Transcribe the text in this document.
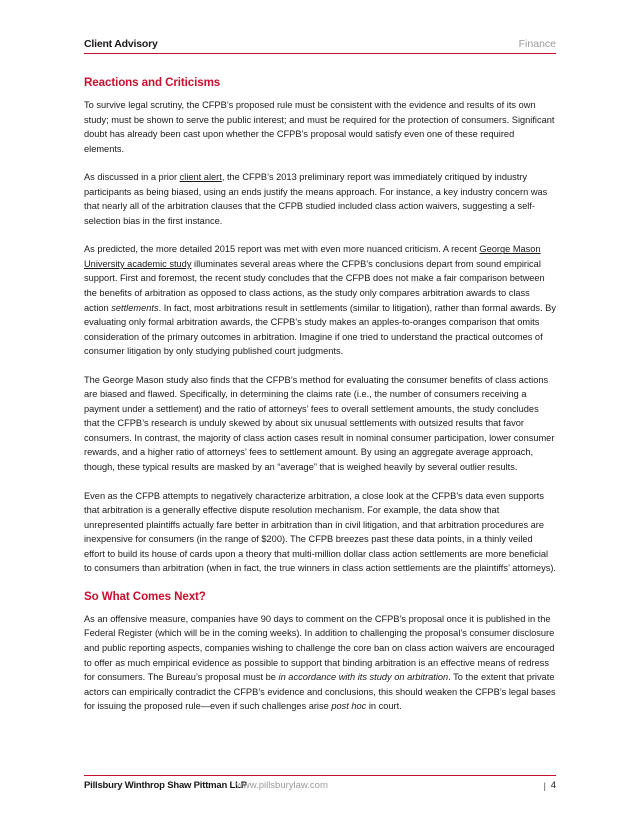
Client Advisory	Finance
Reactions and Criticisms

To survive legal scrutiny, the CFPB’s proposed rule must be consistent with the evidence and results of its own study; must be shown to serve the public interest; and must be required for the protection of consumers. Significant doubt has already been cast upon whether the CFPB’s proposal would satisfy even one of these required elements.

As discussed in a prior client alert, the CFPB’s 2013 preliminary report was immediately critiqued by industry participants as being biased, using an ends justify the means approach. For instance, a key industry concern was that nearly all of the arbitration clauses that the CFPB studied included class action waivers, suggesting a self-selection bias in the first instance.

As predicted, the more detailed 2015 report was met with even more nuanced criticism. A recent George Mason University academic study illuminates several areas where the CFPB’s conclusions depart from sound empirical support. First and foremost, the recent study concludes that the CFPB does not make a fair comparison between the benefits of arbitration as opposed to class actions, as the study only compares arbitration awards to class action settlements. In fact, most arbitrations result in settlements (similar to litigation), rather than formal awards. By evaluating only formal arbitration awards, the CFPB’s study makes an apples-to-oranges comparison that omits consideration of the primary outcomes in arbitration. Imagine if one tried to understand the practical outcomes of consumer litigation by only studying published court judgments.

The George Mason study also finds that the CFPB’s method for evaluating the consumer benefits of class actions are biased and flawed. Specifically, in determining the claims rate (i.e., the number of consumers receiving a payment under a settlement) and the ratio of attorneys’ fees to overall settlement amounts, the study concludes that the CFPB’s research is unduly skewed by about six unusual settlements with outsized results that favor consumers. In contrast, the majority of class action cases result in nominal consumer participation, lower consumer rewards, and a higher ratio of attorneys’ fees to settlement amount. By using an aggregate average approach, though, these typical results are masked by an “average” that is weighed heavily by several outlier results.

Even as the CFPB attempts to negatively characterize arbitration, a close look at the CFPB’s data even supports that arbitration is a generally effective dispute resolution mechanism. For example, the data show that unrepresented plaintiffs actually fare better in arbitration than in civil litigation, and that arbitration procedures are inexpensive for consumers (in the range of $200). The CFPB breezes past these data points, in a thinly veiled effort to build its house of cards upon a theory that multi-million dollar class action settlements are more beneficial to consumers than arbitration (when in fact, the true winners in class action settlements are the plaintiffs’ attorneys).

So What Comes Next?

As an offensive measure, companies have 90 days to comment on the CFPB’s proposal once it is published in the Federal Register (which will be in the coming weeks). In addition to challenging the proposal’s consumer disclosure and public reporting aspects, companies wishing to challenge the core ban on class action waivers are encouraged to offer as much empirical evidence as possible to support that binding arbitration is an effective means of redress for consumers. The Bureau’s proposal must be in accordance with its study on arbitration. To the extent that private actors can empirically contradict the CFPB’s evidence and conclusions, this should weaken the CFPB’s legal bases for issuing the proposed rule—even if such challenges arise post hoc in court.

Pillsbury Winthrop Shaw Pittman LLP
www.pillsburylaw.com	| 4
